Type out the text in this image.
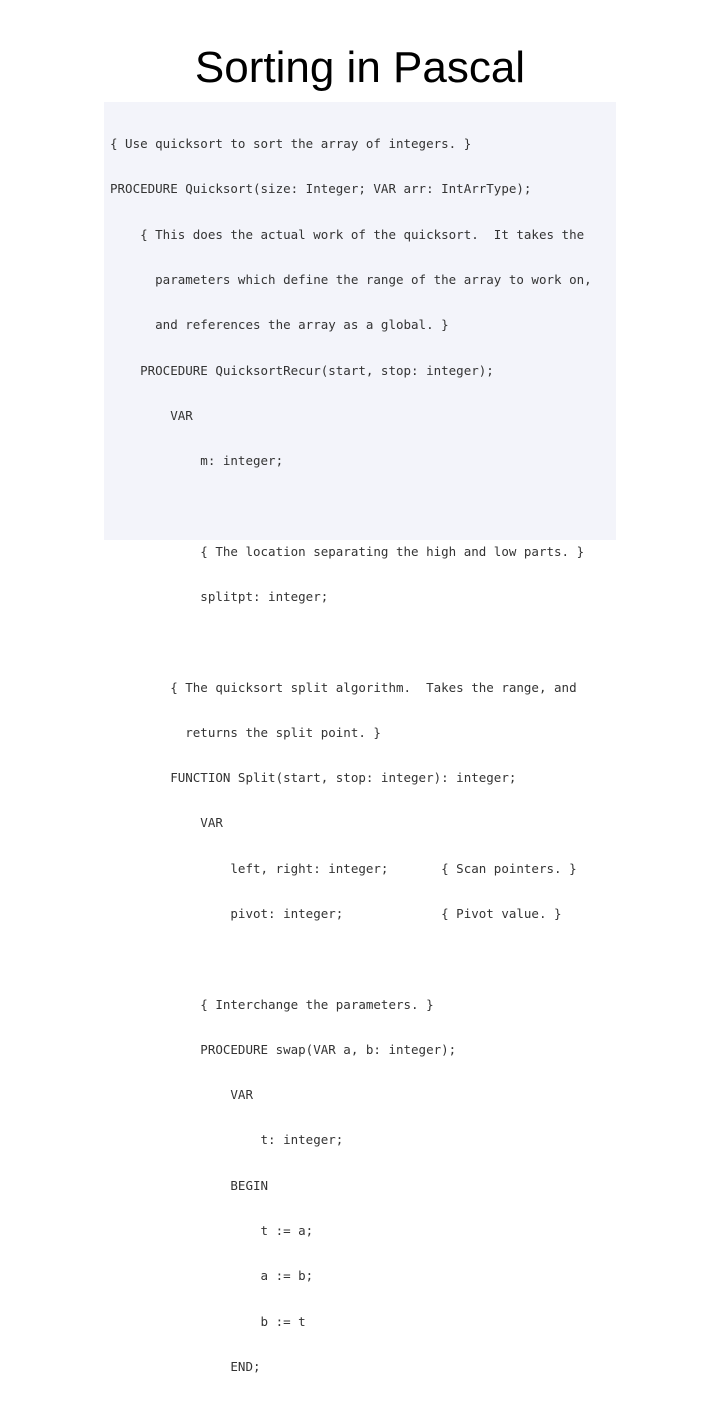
Sorting in Pascal

{ Use quicksort to sort the array of integers. }

PROCEDURE Quicksort(size: Integer; VAR arr: IntArrType);

{ This does the actual work of the quicksort.  It takes the

parameters which define the range of the array to work on,

and references the array as a global. }

PROCEDURE QuicksortRecur(start, stop: integer);

VAR

m: integer;

{ The location separating the high and low parts. }

splitpt: integer;

{ The quicksort split algorithm.  Takes the range, and

returns the split point. }

FUNCTION Split(start, stop: integer): integer;

VAR

left, right: integer;       { Scan pointers. }

pivot: integer;             { Pivot value. }

{ Interchange the parameters. }

PROCEDURE swap(VAR a, b: integer);

VAR

t: integer;

BEGIN

t := a;

a := b;

b := t

END;
